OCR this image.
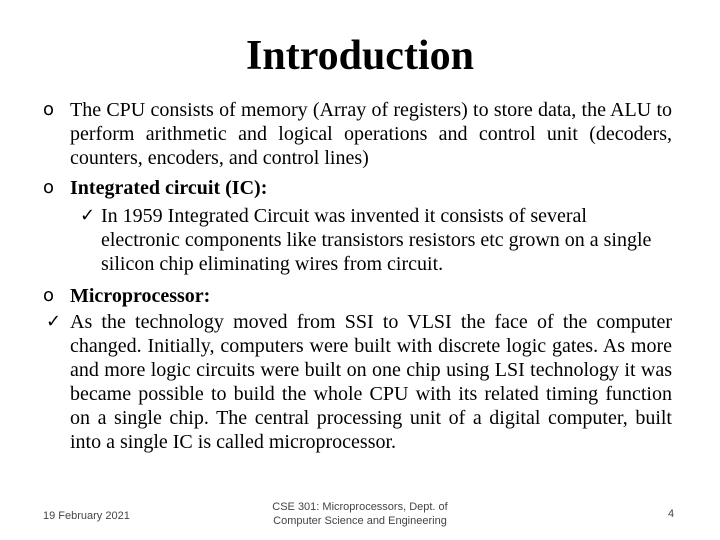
Introduction
o The CPU consists of memory (Array of registers) to store data, the ALU to perform arithmetic and logical operations and control unit (decoders, counters, encoders, and control lines)

o Integrated circuit (IC):

✓ In 1959 Integrated Circuit was invented it consists of several electronic components like transistors resistors etc grown on a single silicon chip eliminating wires from circuit.

o Microprocessor:

✓ As the technology moved from SSI to VLSI the face of the computer changed. Initially, computers were built with discrete logic gates. As more and more logic circuits were built on one chip using LSI technology it was became possible to build the whole CPU with its related timing function on a single chip. The central processing unit of a digital computer, built into a single IC is called microprocessor.

19 February 2021
CSE 301: Microprocessors, Dept. of
Computer Science and Engineering
4
